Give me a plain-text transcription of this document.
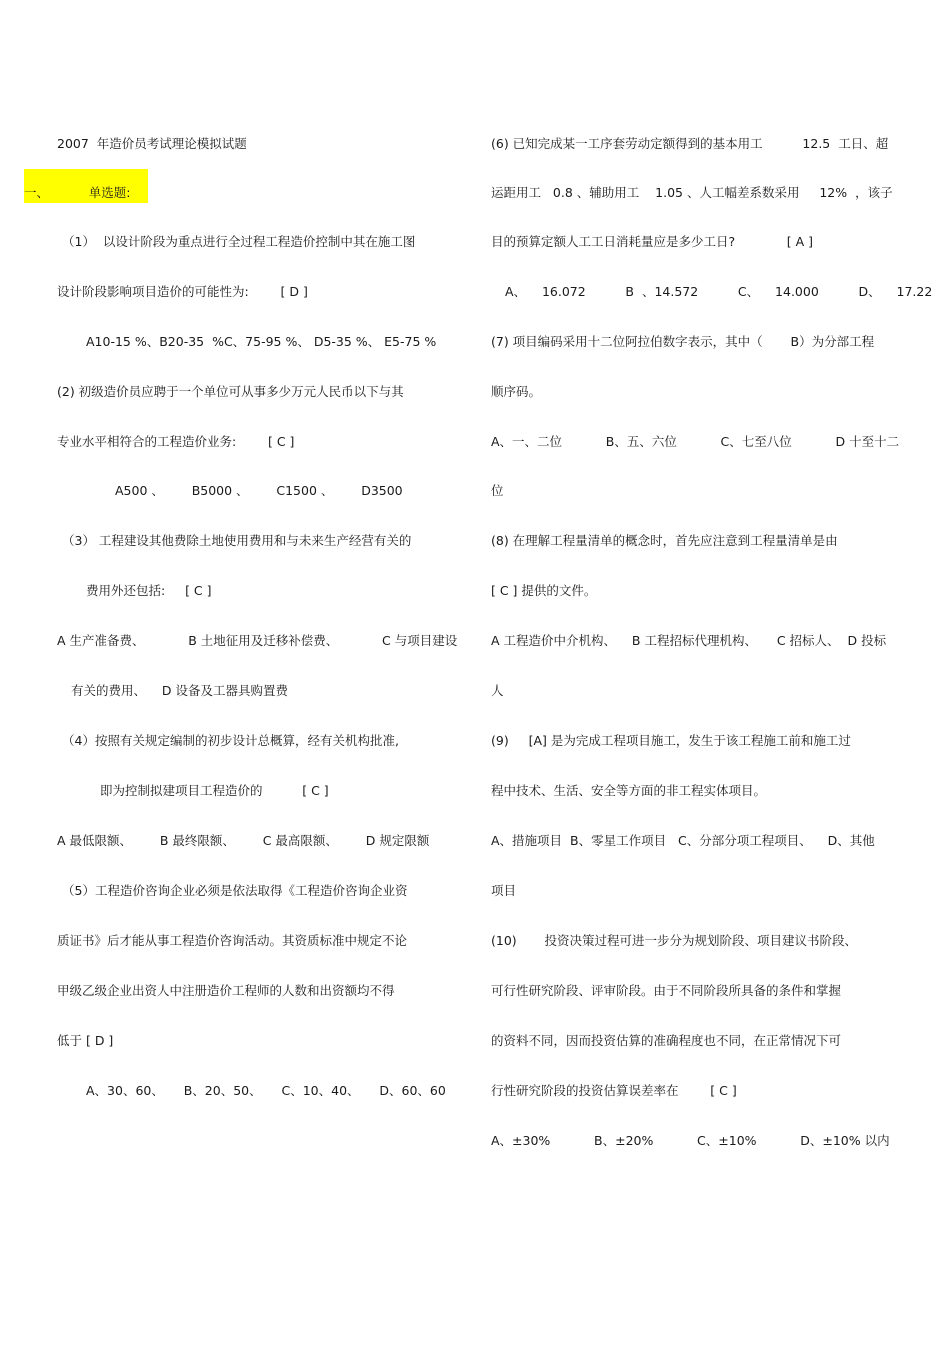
2007  年造价员考试理论模拟试题
一、          单选题:
（1）  以设计阶段为重点进行全过程工程造价控制中其在施工图
设计阶段影响项目造价的可能性为:        [ D ]
A10-15 %、B20-35  %C、75-95 %、 D5-35 %、 E5-75 %
(2) 初级造价员应聘于一个单位可从事多少万元人民币以下与其
专业水平相符合的工程造价业务:        [ C ]
A500 、       B5000 、       C1500 、       D3500
（3） 工程建设其他费除土地使用费用和与未来生产经营有关的
费用外还包括:     [ C ]
A 生产准备费、           B 土地征用及迁移补偿费、           C 与项目建设
有关的费用、    D 设备及工器具购置费
（4）按照有关规定编制的初步设计总概算，经有关机构批准,
即为控制拟建项目工程造价的          [ C ]
A 最低限额、       B 最终限额、       C 最高限额、       D 规定限额
（5）工程造价咨询企业必须是依法取得《工程造价咨询企业资
质证书》后才能从事工程造价咨询活动。其资质标准中规定不论
甲级乙级企业出资人中注册造价工程师的人数和出资额均不得
低于 [ D ]
A、30、60、     B、20、50、     C、10、40、     D、60、60
(6) 已知完成某一工序套劳动定额得到的基本用工          12.5  工日、超
运距用工   0.8 、辅助用工    1.05 、人工幅差系数采用     12%  ，该子
目的预算定额人工工日消耗量应是多少工日?             [ A ]
A、    16.072          B  、14.572          C、    14.000          D、    17.22
(7) 项目编码采用十二位阿拉伯数字表示，其中（       B）为分部工程
顺序码。
A、一、二位           B、五、六位           C、七至八位           D 十至十二
位
(8) 在理解工程量清单的概念时，首先应注意到工程量清单是由
[ C ] 提供的文件。
A 工程造价中介机构、    B 工程招标代理机构、     C 招标人、  D 投标
人
(9)     [A] 是为完成工程项目施工，发生于该工程施工前和施工过
程中技术、生活、安全等方面的非工程实体项目。
A、措施项目  B、零星工作项目   C、分部分项工程项目、    D、其他
项目
(10)       投资决策过程可进一步分为规划阶段、项目建议书阶段、
可行性研究阶段、评审阶段。由于不同阶段所具备的条件和掌握
的资料不同，因而投资估算的准确程度也不同，在正常情况下可
行性研究阶段的投资估算误差率在        [ C ]
A、±30%           B、±20%           C、±10%           D、±10% 以内
